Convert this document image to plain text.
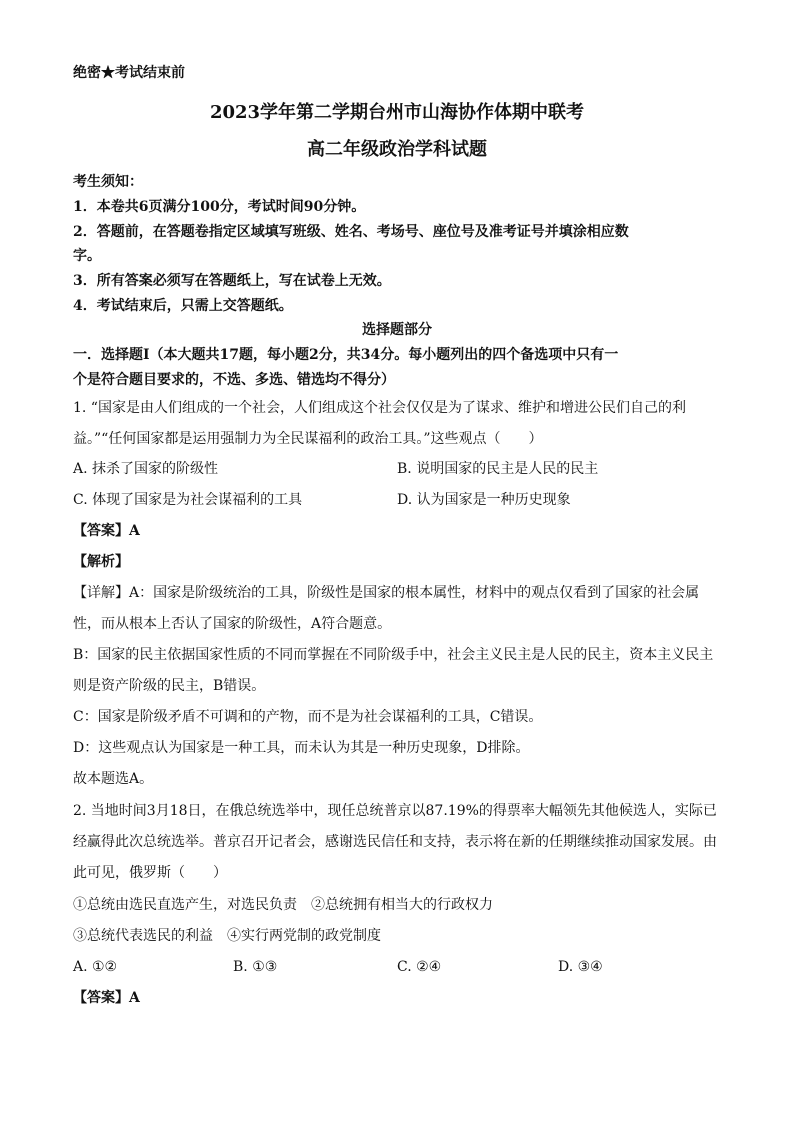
绝密★考试结束前
2023学年第二学期台州市山海协作体期中联考
高二年级政治学科试题
考生须知：
1．本卷共6页满分100分，考试时间90分钟。
2．答题前，在答题卷指定区域填写班级、姓名、考场号、座位号及准考证号并填涂相应数
字。
3．所有答案必须写在答题纸上，写在试卷上无效。
4．考试结束后，只需上交答题纸。
选择题部分
一．选择题Ⅰ（本大题共17题，每小题2分，共34分。每小题列出的四个备选项中只有一
个是符合题目要求的，不选、多选、错选均不得分）
1. “国家是由人们组成的一个社会，人们组成这个社会仅仅是为了谋求、维护和增进公民们自己的利
益。”“任何国家都是运用强制力为全民谋福利的政治工具。”这些观点（　　）
A. 抹杀了国家的阶级性	B. 说明国家的民主是人民的民主
C. 体现了国家是为社会谋福利的工具	D. 认为国家是一种历史现象
【答案】A
【解析】
【详解】A：国家是阶级统治的工具，阶级性是国家的根本属性，材料中的观点仅看到了国家的社会属
性，而从根本上否认了国家的阶级性，A符合题意。
B：国家的民主依据国家性质的不同而掌握在不同阶级手中，社会主义民主是人民的民主，资本主义民主
则是资产阶级的民主，B错误。
C：国家是阶级矛盾不可调和的产物，而不是为社会谋福利的工具，C错误。
D：这些观点认为国家是一种工具，而未认为其是一种历史现象，D排除。
故本题选A。
2. 当地时间3月18日，在俄总统选举中，现任总统普京以87.19%的得票率大幅领先其他候选人，实际已
经赢得此次总统选举。普京召开记者会，感谢选民信任和支持，表示将在新的任期继续推动国家发展。由
此可见，俄罗斯（　　）
①总统由选民直选产生，对选民负责　②总统拥有相当大的行政权力
③总统代表选民的利益　④实行两党制的政党制度
A. ①②	B. ①③	C. ②④	D. ③④
【答案】A
